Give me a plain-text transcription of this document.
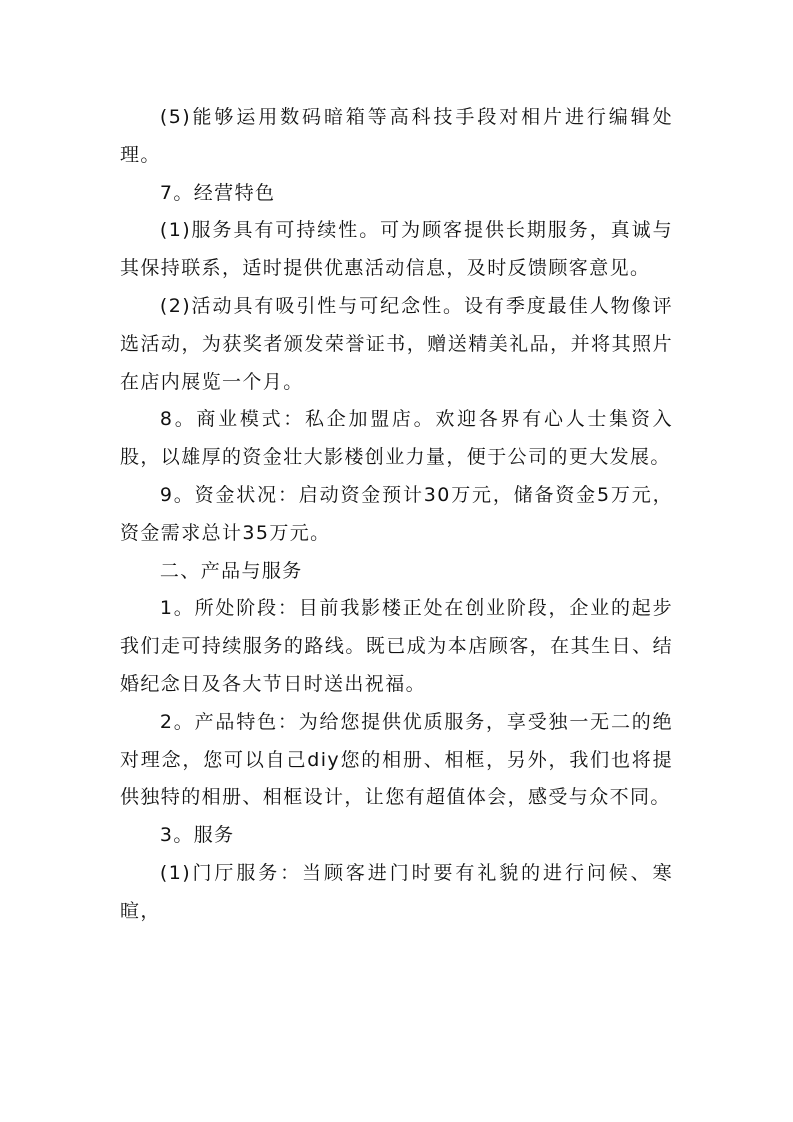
(5)能够运用数码暗箱等高科技手段对相片进行编辑处理。

7。经营特色

(1)服务具有可持续性。可为顾客提供长期服务，真诚与其保持联系，适时提供优惠活动信息，及时反馈顾客意见。

(2)活动具有吸引性与可纪念性。设有季度最佳人物像评选活动，为获奖者颁发荣誉证书，赠送精美礼品，并将其照片在店内展览一个月。

8。商业模式：私企加盟店。欢迎各界有心人士集资入股，以雄厚的资金壮大影楼创业力量，便于公司的更大发展。

9。资金状况：启动资金预计30万元，储备资金5万元，资金需求总计35万元。

二、产品与服务

1。所处阶段：目前我影楼正处在创业阶段，企业的起步我们走可持续服务的路线。既已成为本店顾客，在其生日、结婚纪念日及各大节日时送出祝福。

2。产品特色：为给您提供优质服务，享受独一无二的绝对理念，您可以自己diy您的相册、相框，另外，我们也将提供独特的相册、相框设计，让您有超值体会，感受与众不同。

3。服务

(1)门厅服务：当顾客进门时要有礼貌的进行问候、寒暄，
